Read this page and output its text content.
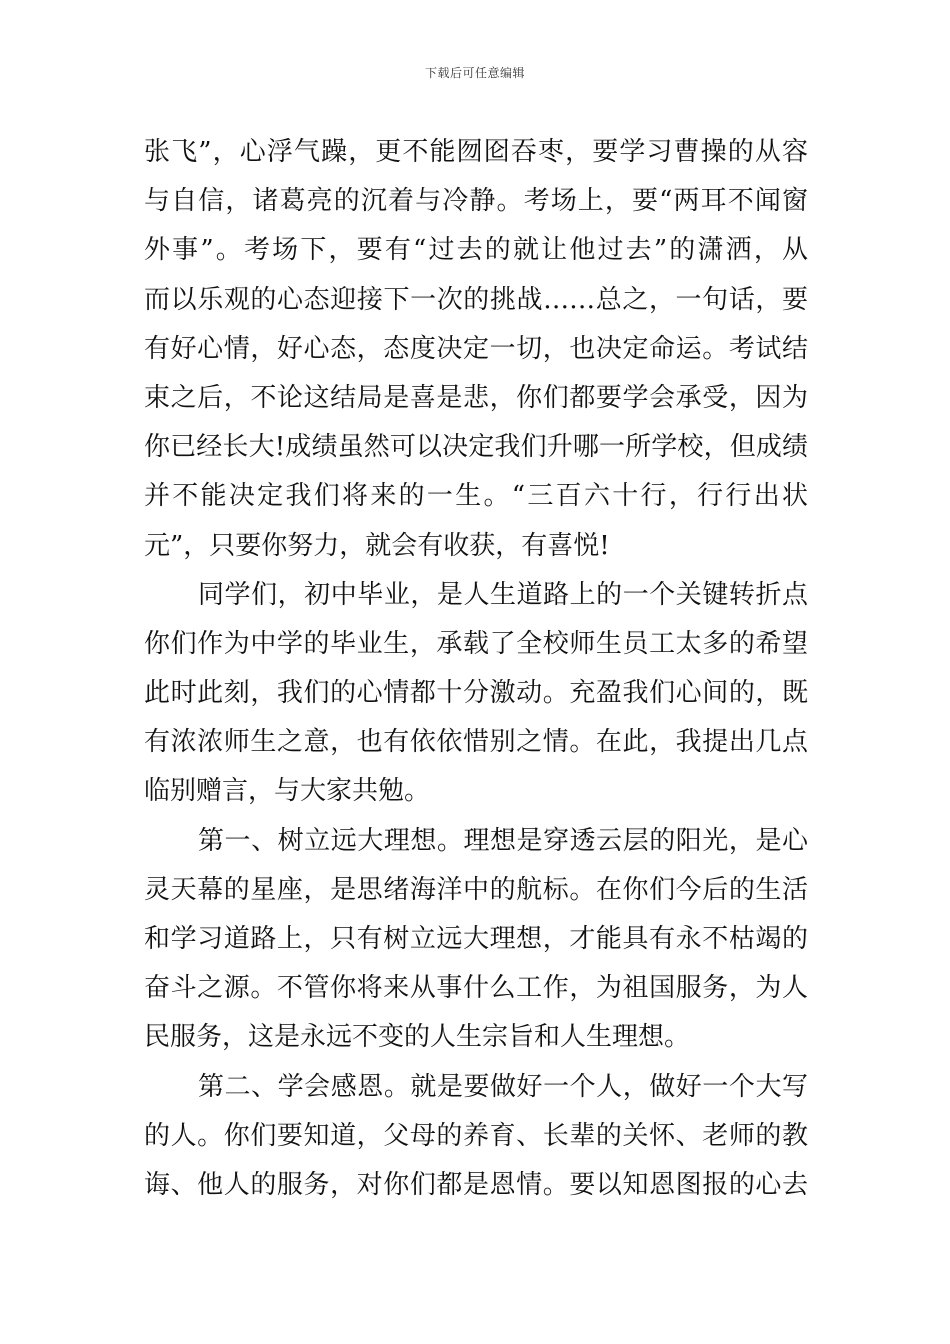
下载后可任意编辑
张飞”，心浮气躁，更不能囫囵吞枣，要学习曹操的从容
与自信，诸葛亮的沉着与冷静。考场上，要“两耳不闻窗
外事”。考场下，要有“过去的就让他过去”的潇洒，从
而以乐观的心态迎接下一次的挑战……总之，一句话，要
有好心情，好心态，态度决定一切，也决定命运。考试结
束之后，不论这结局是喜是悲，你们都要学会承受，因为
你已经长大!成绩虽然可以决定我们升哪一所学校，但成绩
并不能决定我们将来的一生。“三百六十行，行行出状
元”，只要你努力，就会有收获，有喜悦!
同学们，初中毕业，是人生道路上的一个关键转折点
你们作为中学的毕业生，承载了全校师生员工太多的希望
此时此刻，我们的心情都十分激动。充盈我们心间的，既
有浓浓师生之意，也有依依惜别之情。在此，我提出几点
临别赠言，与大家共勉。
第一、树立远大理想。理想是穿透云层的阳光，是心
灵天幕的星座，是思绪海洋中的航标。在你们今后的生活
和学习道路上，只有树立远大理想，才能具有永不枯竭的
奋斗之源。不管你将来从事什么工作，为祖国服务，为人
民服务，这是永远不变的人生宗旨和人生理想。
第二、学会感恩。就是要做好一个人，做好一个大写
的人。你们要知道，父母的养育、长辈的关怀、老师的教
诲、他人的服务，对你们都是恩情。要以知恩图报的心去
